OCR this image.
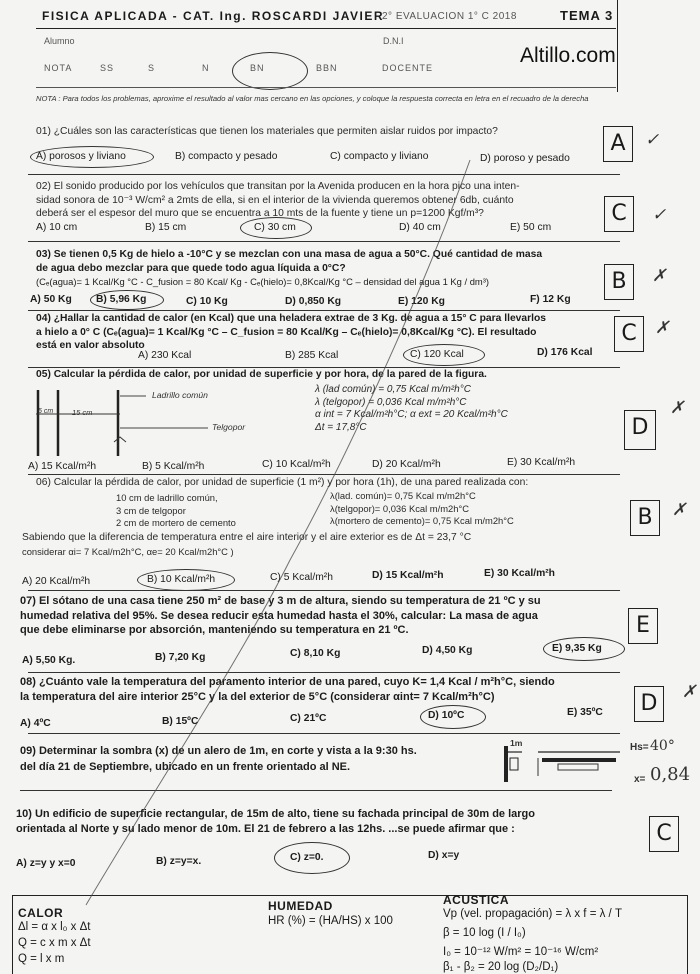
FISICA APLICADA - CAT. Ing. ROSCARDI JAVIER
2° EVALUACION 1° C 2018	TEMA 3
Alumno	D.N.I
Altillo.com
NOTA	SS	S	N	BN	BBN	DOCENTE
NOTA : Para todos los problemas, aproxime el resultado al valor mas cercano en las opciones, y coloque la respuesta correcta en letra en el recuadro de la derecha
01) ¿Cuáles son las características que tienen los materiales que permiten aislar ruidos por impacto?
A) porosos y liviano	B) compacto y pesado	C) compacto y liviano	D) poroso y pesado
A	✓
02) El sonido producido por los vehículos que transitan por la Avenida producen en la hora pico una inten-
sidad sonora de 10⁻³ W/cm² a 2mts de ella, si en el interior de la vivienda queremos obtener 6db, cuánto
deberá ser el espesor del muro que se encuentra a 10 mts de la fuente y tiene un p=1200 Kgf/m³?
A) 10 cm	B) 15 cm	C) 30 cm	D) 40 cm	E) 50 cm
C	✓
03) Se tienen 0,5 Kg de hielo a -10°C y se mezclan con una masa de agua a 50°C. Qué cantidad de masa
de agua debo mezclar para que quede todo agua líquida a 0°C?
(Cₑ(agua)= 1 Kcal/Kg °C - C_fusion = 80 Kcal/ Kg - Cₑ(hielo)= 0,8Kcal/Kg °C – densidad del agua 1 Kg / dm³)
A) 50 Kg B) 5,96 Kg	C) 10 Kg	D) 0,850 Kg	E) 120 Kg	F) 12 Kg
B	✗
04) ¿Hallar la cantidad de calor (en Kcal) que una heladera extrae de 3 Kg. de agua a 15° C para llevarlos
a hielo a 0° C (Cₑ(agua)= 1 Kcal/Kg °C – C_fusion = 80 Kcal/Kg – Cₑ(hielo)= 0,8Kcal/Kg °C). El resultado
está en valor absoluto
A) 230 Kcal	B) 285 Kcal	C) 120 Kcal	D) 176 Kcal
C	✗
05) Calcular la pérdida de calor, por unidad de superficie y por hora, de la pared de la figura.
Ladrillo común
Telgopor
5 cm	15 cm
λ (lad común) = 0,75 Kcal m/m²h°C
λ (telgopor) = 0,036 Kcal m/m²h°C
α int = 7 Kcal/m²h°C; α ext = 20 Kcal/m²h°C
Δt = 17,8°C
A) 15 Kcal/m²h	B) 5 Kcal/m²h	C) 10 Kcal/m²h	D) 20 Kcal/m²h	E) 30 Kcal/m²h
D
✗
06) Calcular la pérdida de calor, por unidad de superficie (1 m²) y por hora (1h), de una pared realizada con:
10 cm de ladrillo común,
3 cm de telgopor
2 cm de mortero de cemento
λ(lad. común)= 0,75 Kcal m/m2h°C
λ(telgopor)= 0,036 Kcal m/m2h°C
λ(mortero de cemento)= 0,75 Kcal m/m2h°C
Sabiendo que la diferencia de temperatura entre el aire interior y el aire exterior es de Δt = 23,7 °C
considerar αi= 7 Kcal/m2h°C, αe= 20 Kcal/m2h°C )
A) 20 Kcal/m²h	B) 10 Kcal/m²h	C) 5 Kcal/m²h	D) 15 Kcal/m²h	E) 30 Kcal/m²h
B	✗
07) El sótano de una casa tiene 250 m² de base y 3 m de altura, siendo su temperatura de 21 ºC y su
humedad relativa del 95%. Se desea reducir esta humedad hasta el 30%, calcular: La masa de agua
que debe eliminarse por absorción, manteniendo su temperatura en 21 ºC.
A) 5,50 Kg.	B) 7,20 Kg	C) 8,10 Kg	D) 4,50 Kg	E) 9,35 Kg
E
08) ¿Cuánto vale la temperatura del paramento interior de una pared, cuyo K= 1,4 Kcal / m²h°C, siendo
la temperatura del aire interior 25°C y la del exterior de 5°C (considerar αint= 7 Kcal/m²h°C)
A) 4ºC	B) 15ºC	C) 21ºC	D) 10ºC	E) 35ºC D	✗
09) Determinar la sombra (x) de un alero de 1m, en corte y vista a la 9:30 hs.
del día 21 de Septiembre, ubicado en un frente orientado al NE.
1m	Hs= 40°
x= 0,84
10) Un edificio de superficie rectangular, de 15m de alto, tiene su fachada principal de 30m de largo
orientada al Norte y su lado menor de 10m. El 21 de febrero a las 12hs. ...se puede afirmar que :
A) z=y y x=0	B) z=y=x.	C) z=0.	D) x=y
C
CALOR
Δl = α x l₀ x Δt
Q = c x m x Δt
Q = l x m
HUMEDAD
HR (%) = (HA/HS) x 100
ACUSTICA
Vp (vel. propagación) = λ x f = λ / T
β = 10 log (I / I₀)
I₀ = 10⁻¹² W/m² = 10⁻¹⁶ W/cm²
β₁ - β₂ = 20 log (D₂/D₁)
